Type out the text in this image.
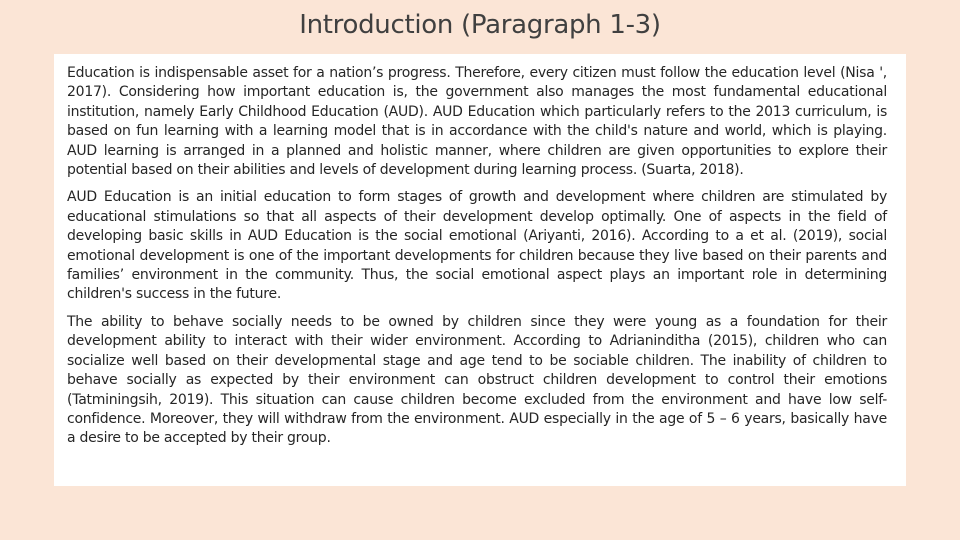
Introduction (Paragraph 1-3)

Education is indispensable asset for a nation’s progress. Therefore, every citizen must follow the education level (Nisa ', 2017). Considering how important education is, the government also manages the most fundamental educational institution, namely Early Childhood Education (AUD). AUD Education which particularly refers to the 2013 curriculum, is based on fun learning with a learning model that is in accordance with the child's nature and world, which is playing. AUD learning is arranged in a planned and holistic manner, where children are given opportunities to explore their potential based on their abilities and levels of development during learning process. (Suarta, 2018).

AUD Education is an initial education to form stages of growth and development where children are stimulated by educational stimulations so that all aspects of their development develop optimally. One of aspects in the field of developing basic skills in AUD Education is the social emotional (Ariyanti, 2016). According to a et al. (2019), social emotional development is one of the important developments for children because they live based on their parents and families’ environment in the community. Thus, the social emotional aspect plays an important role in determining children's success in the future.

The ability to behave socially needs to be owned by children since they were young as a foundation for their development ability to interact with their wider environment. According to Adrianinditha (2015), children who can socialize well based on their developmental stage and age tend to be sociable children. The inability of children to behave socially as expected by their environment can obstruct children development to control their emotions (Tatminingsih, 2019). This situation can cause children become excluded from the environment and have low self-confidence. Moreover, they will withdraw from the environment. AUD especially in the age of 5 – 6 years, basically have a desire to be accepted by their group.
